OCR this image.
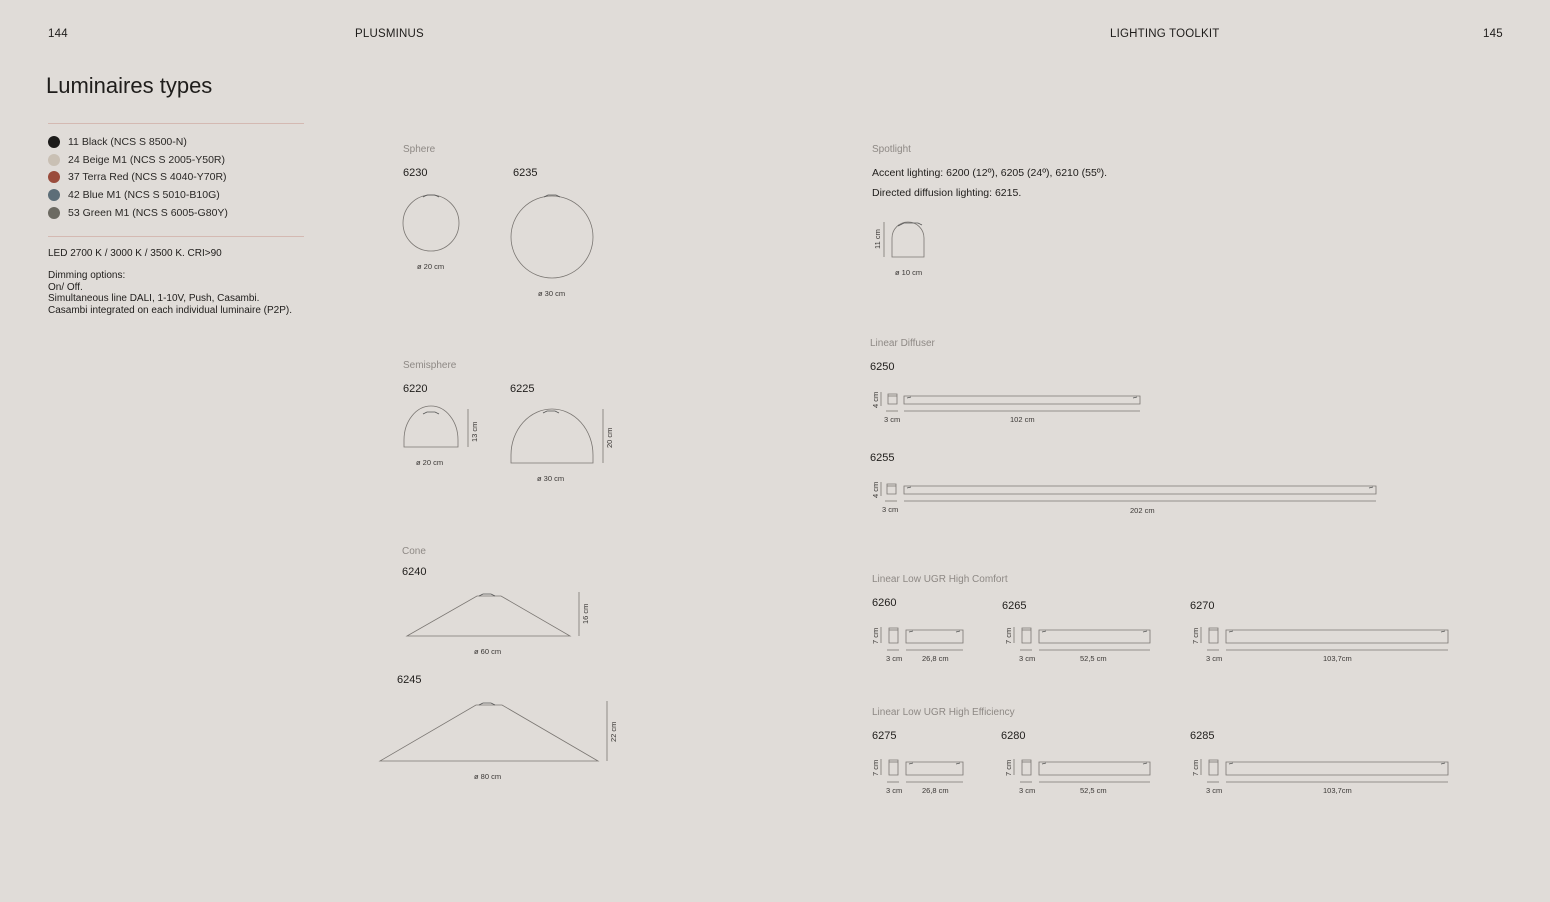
144	PLUSMINUS	LIGHTING TOOLKIT	145
Luminaires types
11 Black (NCS S 8500-N)
24 Beige M1 (NCS S 2005-Y50R)
37 Terra Red (NCS S 4040-Y70R)
42 Blue M1 (NCS S 5010-B10G)
53 Green M1 (NCS S 6005-G80Y)
LED 2700 K / 3000 K / 3500 K. CRI>90
Dimming options:
On/ Off.
Simultaneous line DALI, 1-10V, Push, Casambi.
Casambi integrated on each individual luminaire (P2P).
Sphere
6230	6235
ø 20 cm
ø 30 cm
Semisphere
6220	6225
ø 20 cm
ø 30 cm
13 cm	20 cm
Cone
6240
6245
ø 60 cm
ø 80 cm
16 cm
22 cm
Spotlight
Accent lighting: 6200 (12º), 6205 (24º), 6210 (55º).
Directed diffusion lighting: 6215.
11 cm
ø 10 cm
Linear Diffuser
6250
4 cm
3 cm	102 cm
6255
4 cm
3 cm	202 cm
Linear Low UGR High Comfort
6260	6265	6270
7 cm	7 cm	7 cm
3 cm	3 cm	3 cm
26,8 cm	52,5 cm	103,7cm
Linear Low UGR High Efficiency
6275	6280	6285
7 cm	7 cm	7 cm
3 cm	3 cm	3 cm
26,8 cm	52,5 cm	103,7cm
